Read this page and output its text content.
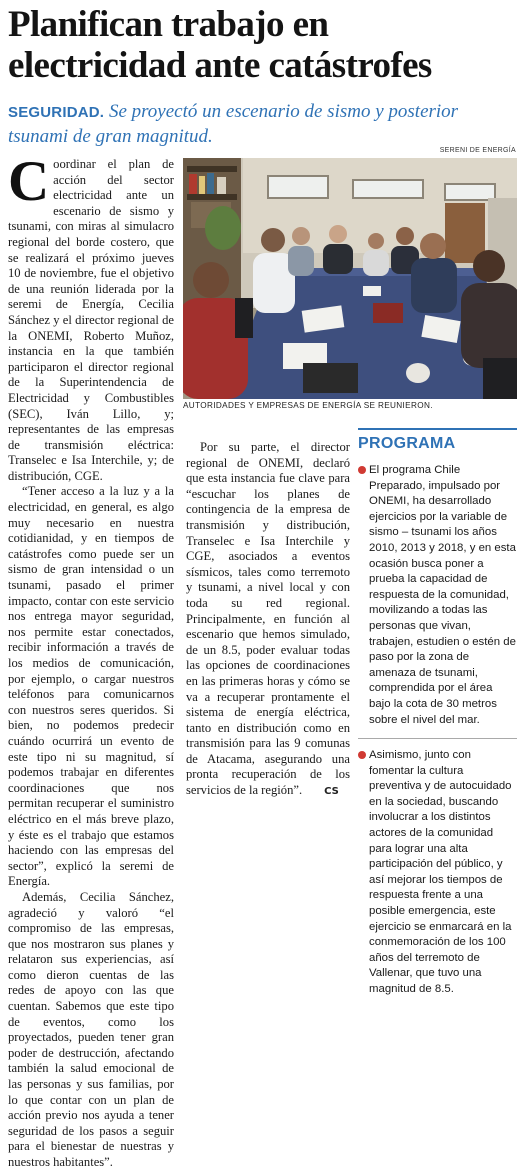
Planifican trabajo en
electricidad ante catástrofes
SEGURIDAD. Se proyectó un escenario de sismo y posterior
tsunami de gran magnitud.
SERENI DE ENERGÍA
AUTORIDADES Y EMPRESAS DE ENERGÍA SE REUNIERON.

Coordinar el plan de acción del sector electricidad ante un escenario de sismo y tsunami, con miras al simulacro regional del borde costero, que se realizará el próximo jueves 10 de noviembre, fue el objetivo de una reunión liderada por la seremi de Energía, Cecilia Sánchez y el director regional de la ONEMI, Roberto Muñoz, instancia en la que también participaron el director regional de la Superintendencia de Electricidad y Combustibles (SEC), Iván Lillo, y; representantes de las empresas de transmisión eléctrica: Transelec e Isa Interchile, y; de distribución, CGE.

“Tener acceso a la luz y a la electricidad, en general, es algo muy necesario en nuestra cotidianidad, y en tiempos de catástrofes como puede ser un sismo de gran intensidad o un tsunami, pasado el primer impacto, contar con este servicio nos entrega mayor seguridad, nos permite estar conectados, recibir información a través de los medios de comunicación, por ejemplo, o cargar nuestros teléfonos para comunicarnos con nuestros seres queridos. Si bien, no podemos predecir cuándo ocurrirá un evento de este tipo ni su magnitud, sí podemos trabajar en diferentes coordinaciones que nos permitan recuperar el suministro eléctrico en el más breve plazo, y éste es el trabajo que estamos haciendo con las empresas del sector”, explicó la seremi de Energía.

Además, Cecilia Sánchez, agradeció y valoró “el compromiso de las empresas, que nos mostraron sus planes y relataron sus experiencias, así como dieron cuentas de las redes de apoyo con las que cuentan. Sabemos que este tipo de eventos, como los proyectados, pueden tener gran poder de destrucción, afectando también la salud emocional de las personas y sus familias, por lo que contar con un plan de acción previo nos ayuda a tener seguridad de los pasos a seguir para el bienestar de nuestras y nuestros habitantes”.

Por su parte, el director regional de ONEMI, declaró que esta instancia fue clave para “escuchar los planes de contingencia de la empresa de transmisión y distribución, Transelec e Isa Interchile y CGE, asociados a eventos sísmicos, tales como terremoto y tsunami, a nivel local y con toda su red regional. Principalmente, en función al escenario que hemos simulado, de un 8.5, poder evaluar todas las opciones de coordinaciones en las primeras horas y cómo se va a recuperar prontamente el sistema de energía eléctrica, tanto en distribución como en transmisión para las 9 comunas de Atacama, asegurando una pronta recuperación de los servicios de la región”. CS

PROGRAMA

El programa Chile Preparado, impulsado por ONEMI, ha desarrollado ejercicios por la variable de sismo – tsunami los años 2010, 2013 y 2018, y en esta ocasión busca poner a prueba la capacidad de respuesta de la comunidad, movilizando a todas las personas que vivan, trabajen, estudien o estén de paso por la zona de amenaza de tsunami, comprendida por el área bajo la cota de 30 metros sobre el nivel del mar.

Asimismo, junto con fomentar la cultura preventiva y de autocuidado en la sociedad, buscando involucrar a los distintos actores de la comunidad para lograr una alta participación del público, y así mejorar los tiempos de respuesta frente a una posible emergencia, este ejercicio se enmarcará en la conmemoración de los 100 años del terremoto de Vallenar, que tuvo una magnitud de 8.5.
